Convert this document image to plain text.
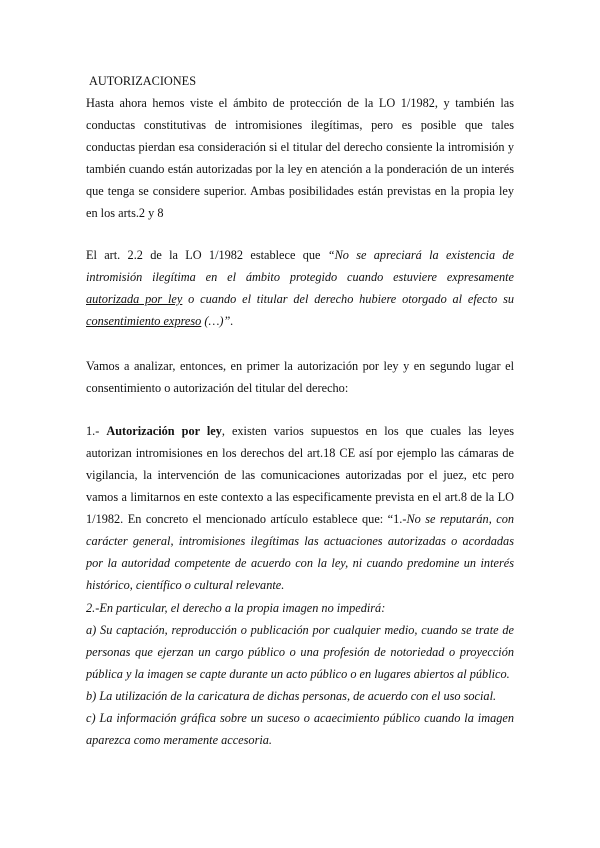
AUTORIZACIONES

Hasta ahora hemos viste el ámbito de protección de la LO 1/1982, y también las conductas constitutivas de intromisiones ilegítimas, pero es posible que tales conductas pierdan esa consideración si el titular del derecho consiente la intromisión y también cuando están autorizadas por la ley en atención a la ponderación de un interés que tenga se considere superior. Ambas posibilidades están previstas en la propia ley en los arts.2 y 8

El art. 2.2 de la LO 1/1982 establece que “No se apreciará la existencia de intromisión ilegítima en el ámbito protegido cuando estuviere expresamente autorizada por ley o cuando el titular del derecho hubiere otorgado al efecto su consentimiento expreso (…)”.

Vamos a analizar, entonces, en primer la autorización por ley y en segundo lugar el consentimiento o autorización del titular del derecho:

1.- Autorización por ley, existen varios supuestos en los que cuales las leyes autorizan intromisiones en los derechos del art.18 CE así por ejemplo las cámaras de vigilancia, la intervención de las comunicaciones autorizadas por el juez, etc pero vamos a limitarnos en este contexto a las especificamente prevista en el art.8 de la LO 1/1982. En concreto el mencionado artículo establece que: “1.-No se reputarán, con carácter general, intromisiones ilegítimas las actuaciones autorizadas o acordadas por la autoridad competente de acuerdo con la ley, ni cuando predomine un interés histórico, científico o cultural relevante.

2.-En particular, el derecho a la propia imagen no impedirá:

a) Su captación, reproducción o publicación por cualquier medio, cuando se trate de personas que ejerzan un cargo público o una profesión de notoriedad o proyección pública y la imagen se capte durante un acto público o en lugares abiertos al público.

b) La utilización de la caricatura de dichas personas, de acuerdo con el uso social.

c) La información gráfica sobre un suceso o acaecimiento público cuando la imagen aparezca como meramente accesoria.
